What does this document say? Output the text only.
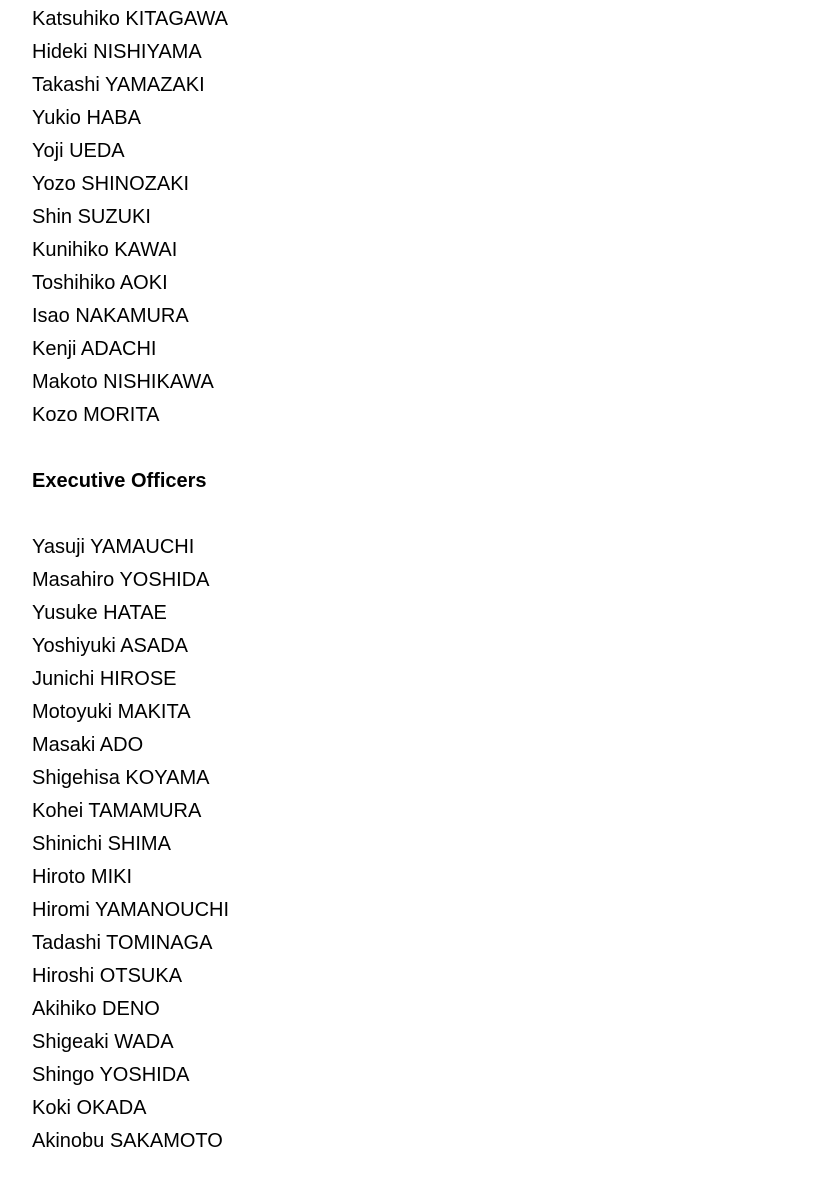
Katsuhiko KITAGAWA
Hideki NISHIYAMA
Takashi YAMAZAKI
Yukio HABA
Yoji UEDA
Yozo SHINOZAKI
Shin SUZUKI
Kunihiko KAWAI
Toshihiko AOKI
Isao NAKAMURA
Kenji ADACHI
Makoto NISHIKAWA
Kozo MORITA
Executive Officers
Yasuji YAMAUCHI
Masahiro YOSHIDA
Yusuke HATAE
Yoshiyuki ASADA
Junichi HIROSE
Motoyuki MAKITA
Masaki ADO
Shigehisa KOYAMA
Kohei TAMAMURA
Shinichi SHIMA
Hiroto MIKI
Hiromi YAMANOUCHI
Tadashi TOMINAGA
Hiroshi OTSUKA
Akihiko DENO
Shigeaki WADA
Shingo YOSHIDA
Koki OKADA
Akinobu SAKAMOTO
